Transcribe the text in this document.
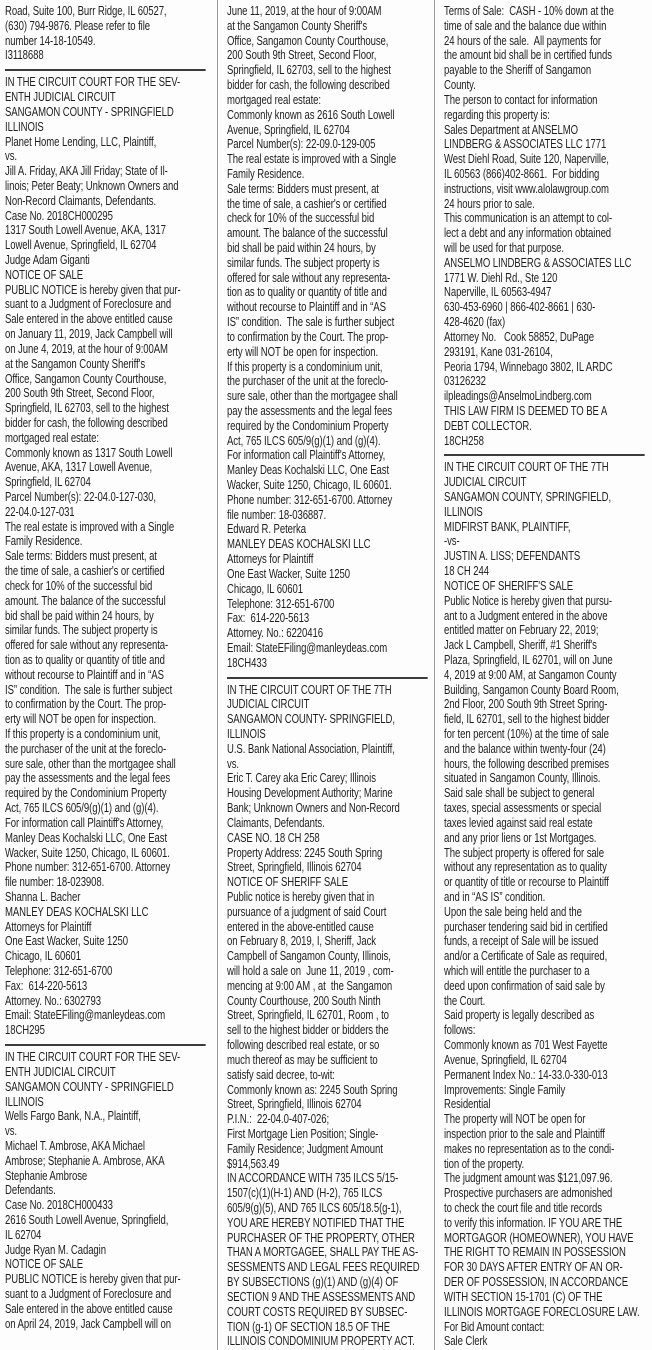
Road, Suite 100, Burr Ridge, IL 60527,
(630) 794-9876. Please refer to file
number 14-18-10549.
I3118688
IN THE CIRCUIT COURT FOR THE SEV-
ENTH JUDICIAL CIRCUIT
SANGAMON COUNTY - SPRINGFIELD
ILLINOIS
Planet Home Lending, LLC, Plaintiff,
vs.
Jill A. Friday, AKA Jill Friday; State of Il-
linois; Peter Beaty; Unknown Owners and
Non-Record Claimants, Defendants.
Case No. 2018CH000295
1317 South Lowell Avenue, AKA, 1317
Lowell Avenue, Springfield, IL 62704
Judge Adam Giganti
NOTICE OF SALE
PUBLIC NOTICE is hereby given that pur-
suant to a Judgment of Foreclosure and
Sale entered in the above entitled cause
on January 11, 2019, Jack Campbell will
on June 4, 2019, at the hour of 9:00AM
at the Sangamon County Sheriff's
Office, Sangamon County Courthouse,
200 South 9th Street, Second Floor,
Springfield, IL 62703, sell to the highest
bidder for cash, the following described
mortgaged real estate:
Commonly known as 1317 South Lowell
Avenue, AKA, 1317 Lowell Avenue,
Springfield, IL 62704
Parcel Number(s): 22-04.0-127-030,
22-04.0-127-031
The real estate is improved with a Single
Family Residence.
Sale terms: Bidders must present, at
the time of sale, a cashier's or certified
check for 10% of the successful bid
amount. The balance of the successful
bid shall be paid within 24 hours, by
similar funds. The subject property is
offered for sale without any representa-
tion as to quality or quantity of title and
without recourse to Plaintiff and in “AS
IS” condition.  The sale is further subject
to confirmation by the Court. The prop-
erty will NOT be open for inspection.
If this property is a condominium unit,
the purchaser of the unit at the foreclo-
sure sale, other than the mortgagee shall
pay the assessments and the legal fees
required by the Condominium Property
Act, 765 ILCS 605/9(g)(1) and (g)(4).
For information call Plaintiff's Attorney,
Manley Deas Kochalski LLC, One East
Wacker, Suite 1250, Chicago, IL 60601.
Phone number: 312-651-6700. Attorney
file number: 18-023908.
Shanna L. Bacher
MANLEY DEAS KOCHALSKI LLC
Attorneys for Plaintiff
One East Wacker, Suite 1250
Chicago, IL 60601
Telephone: 312-651-6700
Fax:  614-220-5613
Attorney. No.: 6302793
Email: StateEFiling@manleydeas.com
18CH295
IN THE CIRCUIT COURT FOR THE SEV-
ENTH JUDICIAL CIRCUIT
SANGAMON COUNTY - SPRINGFIELD
ILLINOIS
Wells Fargo Bank, N.A., Plaintiff,
vs.
Michael T. Ambrose, AKA Michael
Ambrose; Stephanie A. Ambrose, AKA
Stephanie Ambrose
Defendants.
Case No. 2018CH000433
2616 South Lowell Avenue, Springfield,
IL 62704
Judge Ryan M. Cadagin
NOTICE OF SALE
PUBLIC NOTICE is hereby given that pur-
suant to a Judgment of Foreclosure and
Sale entered in the above entitled cause
on April 24, 2019, Jack Campbell will on
June 11, 2019, at the hour of 9:00AM
at the Sangamon County Sheriff's
Office, Sangamon County Courthouse,
200 South 9th Street, Second Floor,
Springfield, IL 62703, sell to the highest
bidder for cash, the following described
mortgaged real estate:
Commonly known as 2616 South Lowell
Avenue, Springfield, IL 62704
Parcel Number(s): 22-09.0-129-005
The real estate is improved with a Single
Family Residence.
Sale terms: Bidders must present, at
the time of sale, a cashier's or certified
check for 10% of the successful bid
amount. The balance of the successful
bid shall be paid within 24 hours, by
similar funds. The subject property is
offered for sale without any representa-
tion as to quality or quantity of title and
without recourse to Plaintiff and in “AS
IS” condition.  The sale is further subject
to confirmation by the Court. The prop-
erty will NOT be open for inspection.
If this property is a condominium unit,
the purchaser of the unit at the foreclo-
sure sale, other than the mortgagee shall
pay the assessments and the legal fees
required by the Condominium Property
Act, 765 ILCS 605/9(g)(1) and (g)(4).
For information call Plaintiff's Attorney,
Manley Deas Kochalski LLC, One East
Wacker, Suite 1250, Chicago, IL 60601.
Phone number: 312-651-6700. Attorney
file number: 18-036887.
Edward R. Peterka
MANLEY DEAS KOCHALSKI LLC
Attorneys for Plaintiff
One East Wacker, Suite 1250
Chicago, IL 60601
Telephone: 312-651-6700
Fax:  614-220-5613
Attorney. No.: 6220416
Email: StateEFiling@manleydeas.com
18CH433
IN THE CIRCUIT COURT OF THE 7TH
JUDICIAL CIRCUIT
SANGAMON COUNTY- SPRINGFIELD,
ILLINOIS
U.S. Bank National Association, Plaintiff,
vs.
Eric T. Carey aka Eric Carey; Illinois
Housing Development Authority; Marine
Bank; Unknown Owners and Non-Record
Claimants, Defendants.
CASE NO. 18 CH 258
Property Address: 2245 South Spring
Street, Springfield, Illinois 62704
NOTICE OF SHERIFF SALE
Public notice is hereby given that in
pursuance of a judgment of said Court
entered in the above-entitled cause
on February 8, 2019, I, Sheriff, Jack
Campbell of Sangamon County, Illinois,
will hold a sale on  June 11, 2019 , com-
mencing at 9:00 AM , at  the Sangamon
County Courthouse, 200 South Ninth
Street, Springfield, IL 62701, Room , to
sell to the highest bidder or bidders the
following described real estate, or so
much thereof as may be sufficient to
satisfy said decree, to-wit:
Commonly known as: 2245 South Spring
Street, Springfield, Illinois 62704
P.I.N.:  22-04.0-407-026;
First Mortgage Lien Position; Single-
Family Residence; Judgment Amount
$914,563.49
IN ACCORDANCE WITH 735 ILCS 5/15-
1507(c)(1)(H-1) AND (H-2), 765 ILCS
605/9(g)(5), AND 765 ILCS 605/18.5(g-1),
YOU ARE HEREBY NOTIFIED THAT THE
PURCHASER OF THE PROPERTY, OTHER
THAN A MORTGAGEE, SHALL PAY THE AS-
SESSMENTS AND LEGAL FEES REQUIRED
BY SUBSECTIONS (g)(1) AND (g)(4) OF
SECTION 9 AND THE ASSESSMENTS AND
COURT COSTS REQUIRED BY SUBSEC-
TION (g-1) OF SECTION 18.5 OF THE
ILLINOIS CONDOMINIUM PROPERTY ACT.
Terms of Sale:  CASH - 10% down at the
time of sale and the balance due within
24 hours of the sale.  All payments for
the amount bid shall be in certified funds
payable to the Sheriff of Sangamon
County.
The person to contact for information
regarding this property is:
Sales Department at ANSELMO
LINDBERG & ASSOCIATES LLC 1771
West Diehl Road, Suite 120, Naperville,
IL 60563 (866)402-8661.  For bidding
instructions, visit www.alolawgroup.com
24 hours prior to sale.
This communication is an attempt to col-
lect a debt and any information obtained
will be used for that purpose.
ANSELMO LINDBERG & ASSOCIATES LLC
1771 W. Diehl Rd., Ste 120
Naperville, IL 60563-4947
630-453-6960 | 866-402-8661 | 630-
428-4620 (fax)
Attorney No.   Cook 58852, DuPage
293191, Kane 031-26104,
Peoria 1794, Winnebago 3802, IL ARDC
03126232
ilpleadings@AnselmoLindberg.com
THIS LAW FIRM IS DEEMED TO BE A
DEBT COLLECTOR.
18CH258
IN THE CIRCUIT COURT OF THE 7TH
JUDICIAL CIRCUIT
SANGAMON COUNTY, SPRINGFIELD,
ILLINOIS
MIDFIRST BANK, PLAINTIFF,
-vs-
JUSTIN A. LISS; DEFENDANTS
18 CH 244
NOTICE OF SHERIFF'S SALE
Public Notice is hereby given that pursu-
ant to a Judgment entered in the above
entitled matter on February 22, 2019;
Jack L Campbell, Sheriff, #1 Sheriff's
Plaza, Springfield, IL 62701, will on June
4, 2019 at 9:00 AM, at Sangamon County
Building, Sangamon County Board Room,
2nd Floor, 200 South 9th Street Spring-
field, IL 62701, sell to the highest bidder
for ten percent (10%) at the time of sale
and the balance within twenty-four (24)
hours, the following described premises
situated in Sangamon County, Illinois.
Said sale shall be subject to general
taxes, special assessments or special
taxes levied against said real estate
and any prior liens or 1st Mortgages.
The subject property is offered for sale
without any representation as to quality
or quantity of title or recourse to Plaintiff
and in “AS IS” condition.
Upon the sale being held and the
purchaser tendering said bid in certified
funds, a receipt of Sale will be issued
and/or a Certificate of Sale as required,
which will entitle the purchaser to a
deed upon confirmation of said sale by
the Court.
Said property is legally described as
follows:
Commonly known as 701 West Fayette
Avenue, Springfield, IL 62704
Permanent Index No.: 14-33.0-330-013
Improvements: Single Family
Residential
The property will NOT be open for
inspection prior to the sale and Plaintiff
makes no representation as to the condi-
tion of the property.
The judgment amount was $121,097.96.
Prospective purchasers are admonished
to check the court file and title records
to verify this information. IF YOU ARE THE
MORTGAGOR (HOMEOWNER), YOU HAVE
THE RIGHT TO REMAIN IN POSSESSION
FOR 30 DAYS AFTER ENTRY OF AN OR-
DER OF POSSESSION, IN ACCORDANCE
WITH SECTION 15-1701 (C) OF THE
ILLINOIS MORTGAGE FORECLOSURE LAW.
For Bid Amount contact:
Sale Clerk
